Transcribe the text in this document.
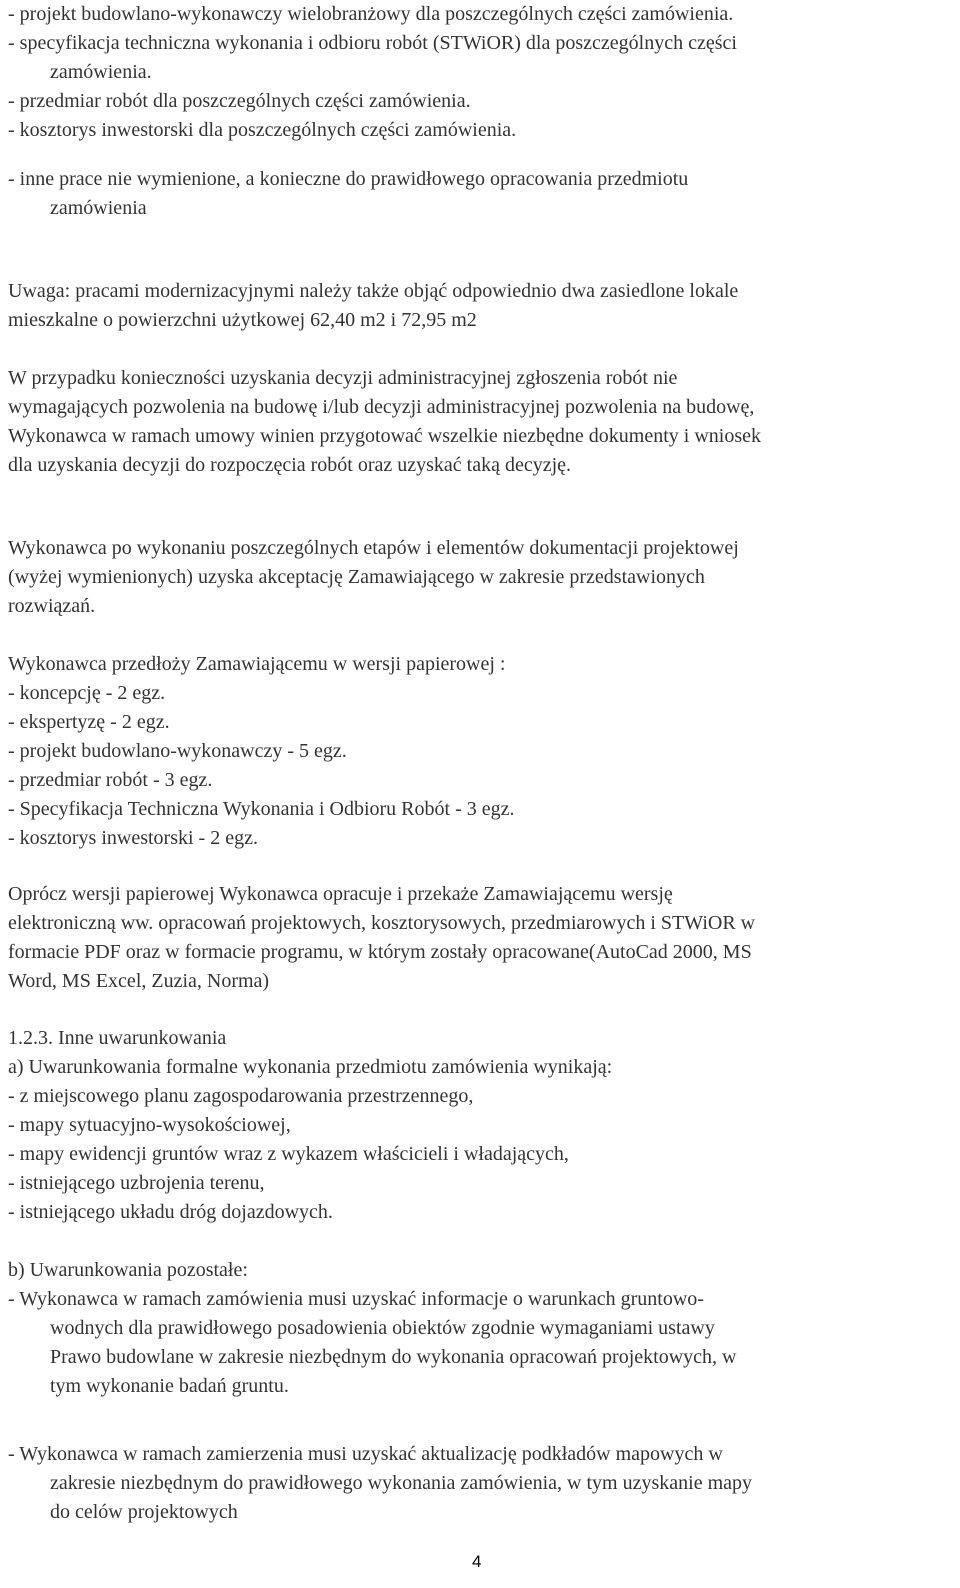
- projekt budowlano-wykonawczy wielobranżowy dla poszczególnych części zamówienia.
- specyfikacja techniczna wykonania i odbioru robót (STWiOR) dla poszczególnych części
zamówienia.
- przedmiar robót dla poszczególnych części zamówienia.
- kosztorys inwestorski dla poszczególnych części zamówienia.
- inne prace nie wymienione, a konieczne do prawidłowego opracowania przedmiotu
zamówienia
Uwaga: pracami modernizacyjnymi należy także objąć odpowiednio dwa zasiedlone lokale
mieszkalne o powierzchni użytkowej 62,40 m2 i 72,95 m2
W przypadku konieczności uzyskania decyzji administracyjnej zgłoszenia robót nie
wymagających pozwolenia na budowę i/lub decyzji administracyjnej pozwolenia na budowę,
Wykonawca w ramach umowy winien przygotować wszelkie niezbędne dokumenty i wniosek
dla uzyskania decyzji do rozpoczęcia robót oraz uzyskać taką decyzję.
Wykonawca po wykonaniu poszczególnych etapów i elementów dokumentacji projektowej
(wyżej wymienionych) uzyska akceptację Zamawiającego w zakresie przedstawionych
rozwiązań.
Wykonawca przedłoży Zamawiającemu w wersji papierowej :
- koncepcję - 2 egz.
- ekspertyzę - 2 egz.
- projekt budowlano-wykonawczy - 5 egz.
- przedmiar robót - 3 egz.
- Specyfikacja Techniczna Wykonania i Odbioru Robót - 3 egz.
- kosztorys inwestorski - 2 egz.
Oprócz wersji papierowej Wykonawca opracuje i przekaże Zamawiającemu wersję
elektroniczną ww. opracowań projektowych, kosztorysowych, przedmiarowych i STWiOR w
formacie PDF oraz w formacie programu, w którym zostały opracowane(AutoCad 2000, MS
Word, MS Excel, Zuzia, Norma)
1.2.3. Inne uwarunkowania
a) Uwarunkowania formalne wykonania przedmiotu zamówienia wynikają:
- z miejscowego planu zagospodarowania przestrzennego,
- mapy sytuacyjno-wysokościowej,
- mapy ewidencji gruntów wraz z wykazem właścicieli i władających,
- istniejącego uzbrojenia terenu,
- istniejącego układu dróg dojazdowych.
b) Uwarunkowania pozostałe:
- Wykonawca w ramach zamówienia musi uzyskać informacje o warunkach gruntowo-
wodnych dla prawidłowego posadowienia obiektów zgodnie wymaganiami ustawy
Prawo budowlane w zakresie niezbędnym do wykonania opracowań projektowych, w
tym wykonanie badań gruntu.
- Wykonawca w ramach zamierzenia musi uzyskać aktualizację podkładów mapowych w
zakresie niezbędnym do prawidłowego wykonania zamówienia, w tym uzyskanie mapy
do celów projektowych
4
